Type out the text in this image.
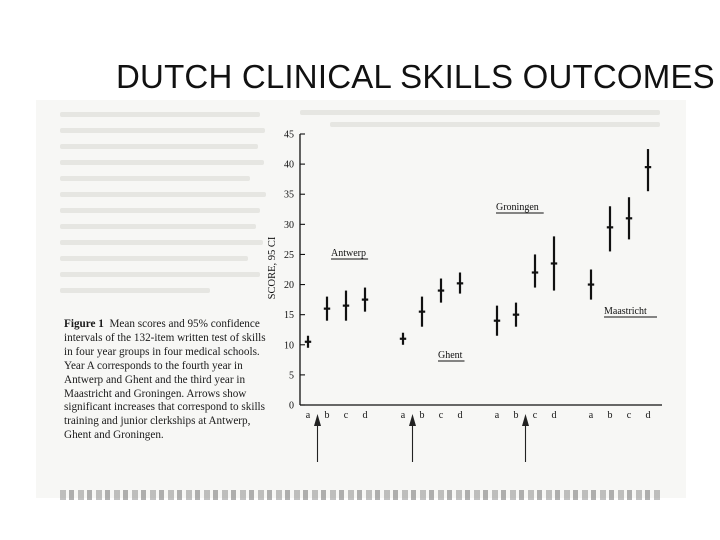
DUTCH CLINICAL SKILLS OUTCOMES

Figure 1 Mean scores and 95% confidence intervals of the 132-item written test of skills in four year groups in four medical schools. Year A corresponds to the fourth year in Antwerp and Ghent and the third year in Maastricht and Groningen. Arrows show significant increases that correspond to skills training and junior clerkships at Antwerp, Ghent and Groningen.

0
5
10
15
20
25
30
35
40
45
SCORE, 95 CI
a b c d
Antwerp
a b c d
Ghent
a b c d
Groningen
a b c d
Maastricht
